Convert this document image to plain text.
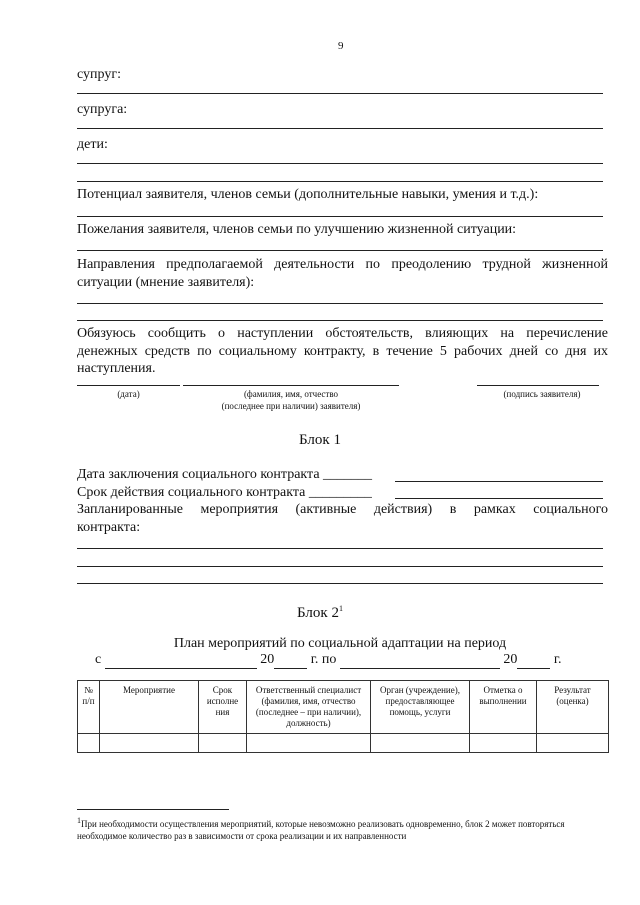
9
супруг:
супруга:
дети:
Потенциал заявителя, членов семьи (дополнительные навыки, умения и т.д.):
Пожелания заявителя, членов семьи по улучшению жизненной ситуации:
Направления предполагаемой деятельности по преодолению трудной жизненной
ситуации (мнение заявителя):
Обязуюсь сообщить о наступлении обстоятельств, влияющих на перечисление
денежных средств по социальному контракту, в течение 5 рабочих дней со дня их
наступления.
(дата)	(фамилия, имя, отчество
(последнее при наличии) заявителя)
(подпись заявителя)
Блок 1
Дата заключения социального контракта _______
Срок действия социального контракта _________
Запланированные мероприятия (активные действия) в рамках социального
контракта:
Блок $2^1$
План мероприятий по социальной адаптации на период
с	20	г. по	20	г.
№ п/п	Мероприятие	Срок исполне ния	Ответственный специалист (фамилия, имя, отчество (последнее – при наличии), должность)	Орган (учреждение), предоставляющее помощь, услуги	Отметка о выполнении	Результат (оценка)

$^1$При необходимости осуществления мероприятий, которые невозможно реализовать одновременно, блок 2 может повторяться необходимое количество раз в зависимости от срока реализации и их направленности
